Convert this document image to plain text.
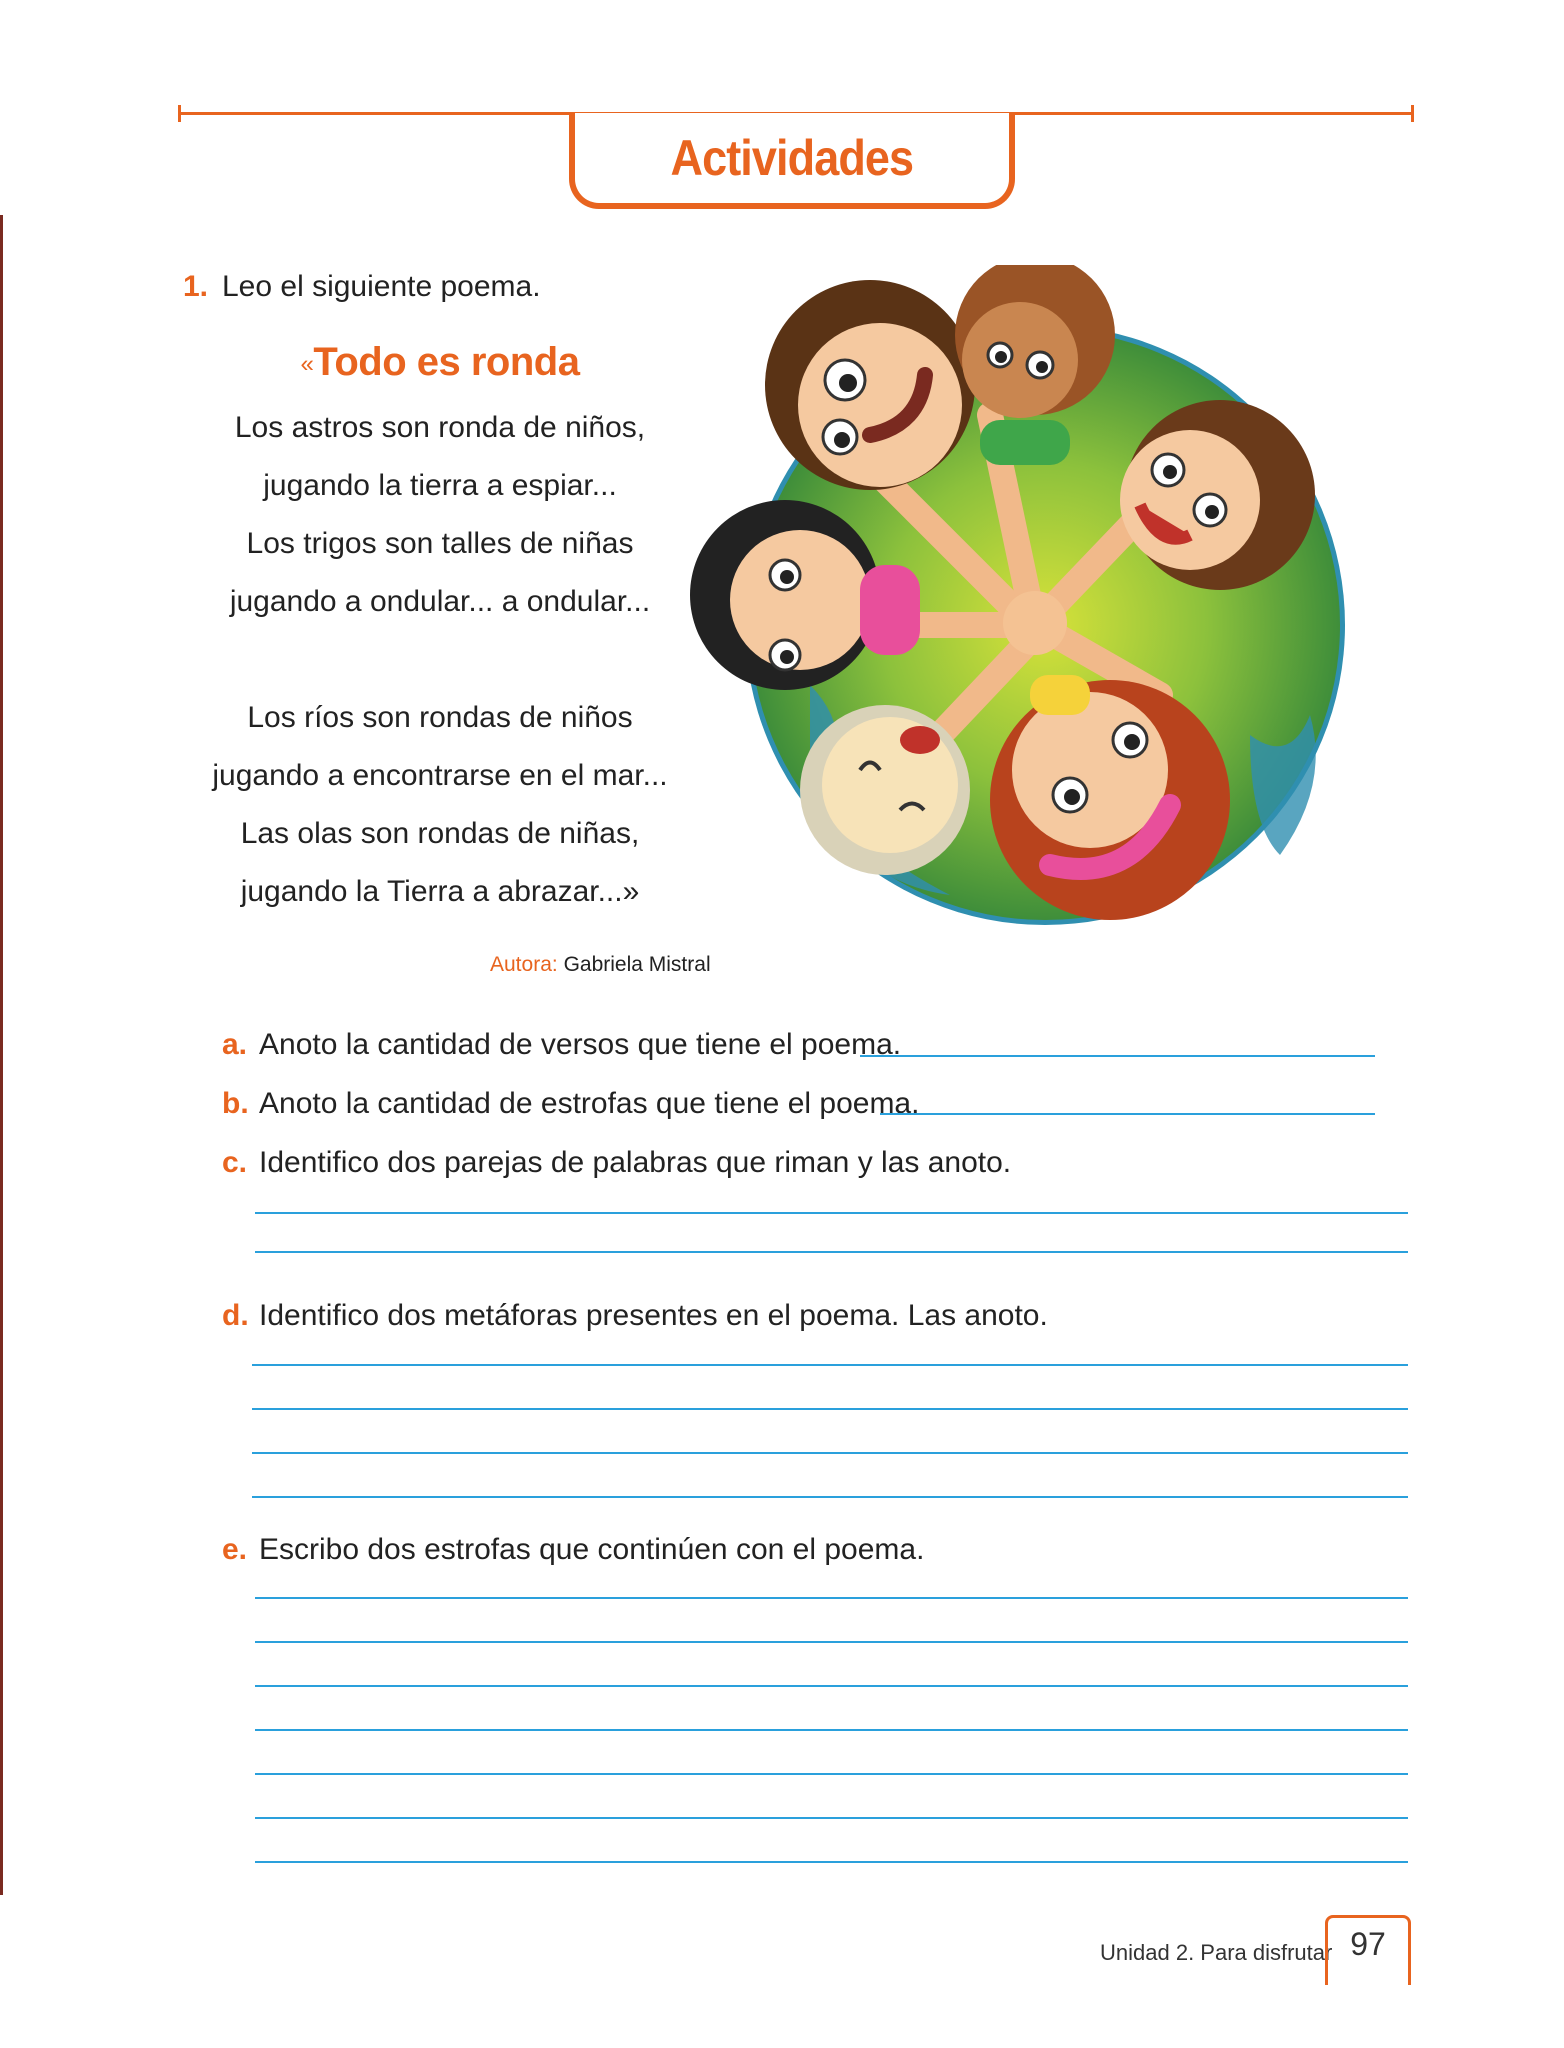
Actividades
1. Leo el siguiente poema.
«Todo es ronda
Los astros son ronda de niños,
jugando la tierra a espiar...
Los trigos son talles de niñas
jugando a ondular... a ondular...
Los ríos son rondas de niños
jugando a encontrarse en el mar...
Las olas son rondas de niñas,
jugando la Tierra a abrazar...»
Autora: Gabriela Mistral
a. Anoto la cantidad de versos que tiene el poema.
b. Anoto la cantidad de estrofas que tiene el poema.
c. Identifico dos parejas de palabras que riman y las anoto.
d. Identifico dos metáforas presentes en el poema. Las anoto.
e. Escribo dos estrofas que continúen con el poema.
Unidad 2. Para disfrutar 97
